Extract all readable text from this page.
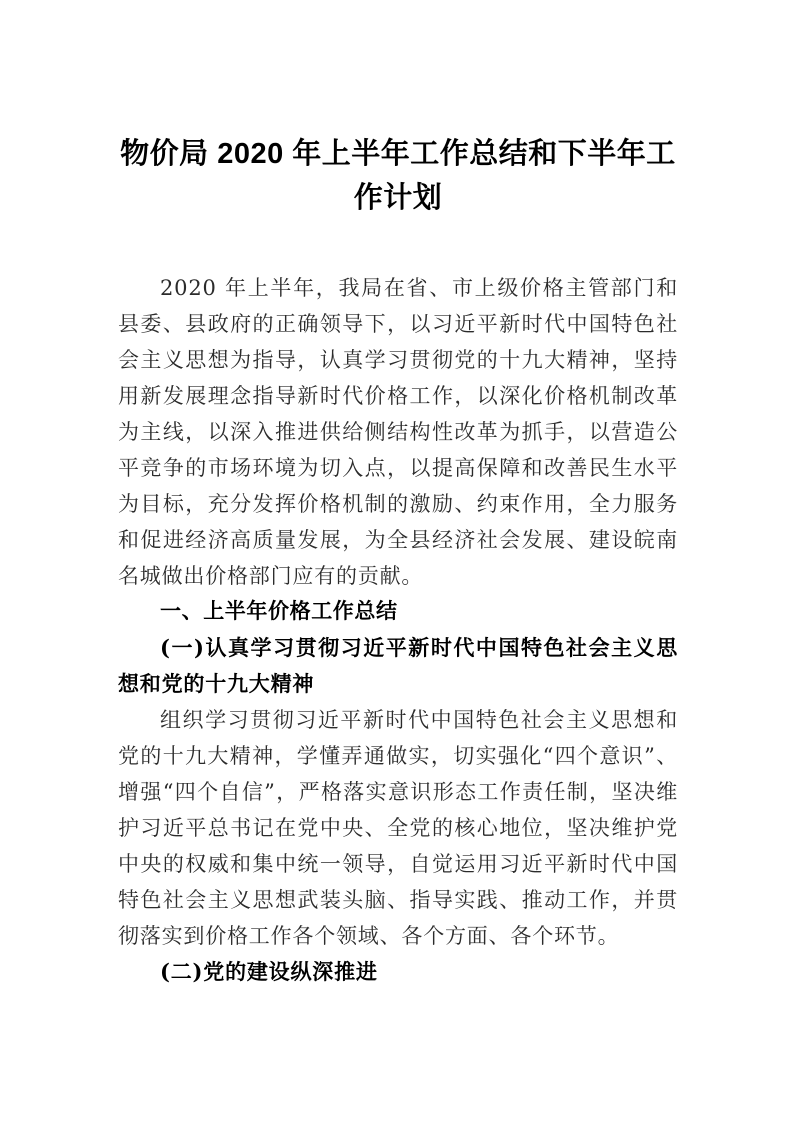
物价局 2020 年上半年工作总结和下半年工作计划

2020 年上半年，我局在省、市上级价格主管部门和县委、县政府的正确领导下，以习近平新时代中国特色社会主义思想为指导，认真学习贯彻党的十九大精神，坚持用新发展理念指导新时代价格工作，以深化价格机制改革为主线，以深入推进供给侧结构性改革为抓手，以营造公平竞争的市场环境为切入点，以提高保障和改善民生水平为目标，充分发挥价格机制的激励、约束作用，全力服务和促进经济高质量发展，为全县经济社会发展、建设皖南名城做出价格部门应有的贡献。

一、上半年价格工作总结
(一)认真学习贯彻习近平新时代中国特色社会主义思想和党的十九大精神

组织学习贯彻习近平新时代中国特色社会主义思想和党的十九大精神，学懂弄通做实，切实强化“四个意识”、增强“四个自信”，严格落实意识形态工作责任制，坚决维护习近平总书记在党中央、全党的核心地位，坚决维护党中央的权威和集中统一领导，自觉运用习近平新时代中国特色社会主义思想武装头脑、指导实践、推动工作，并贯彻落实到价格工作各个领域、各个方面、各个环节。

(二)党的建设纵深推进
